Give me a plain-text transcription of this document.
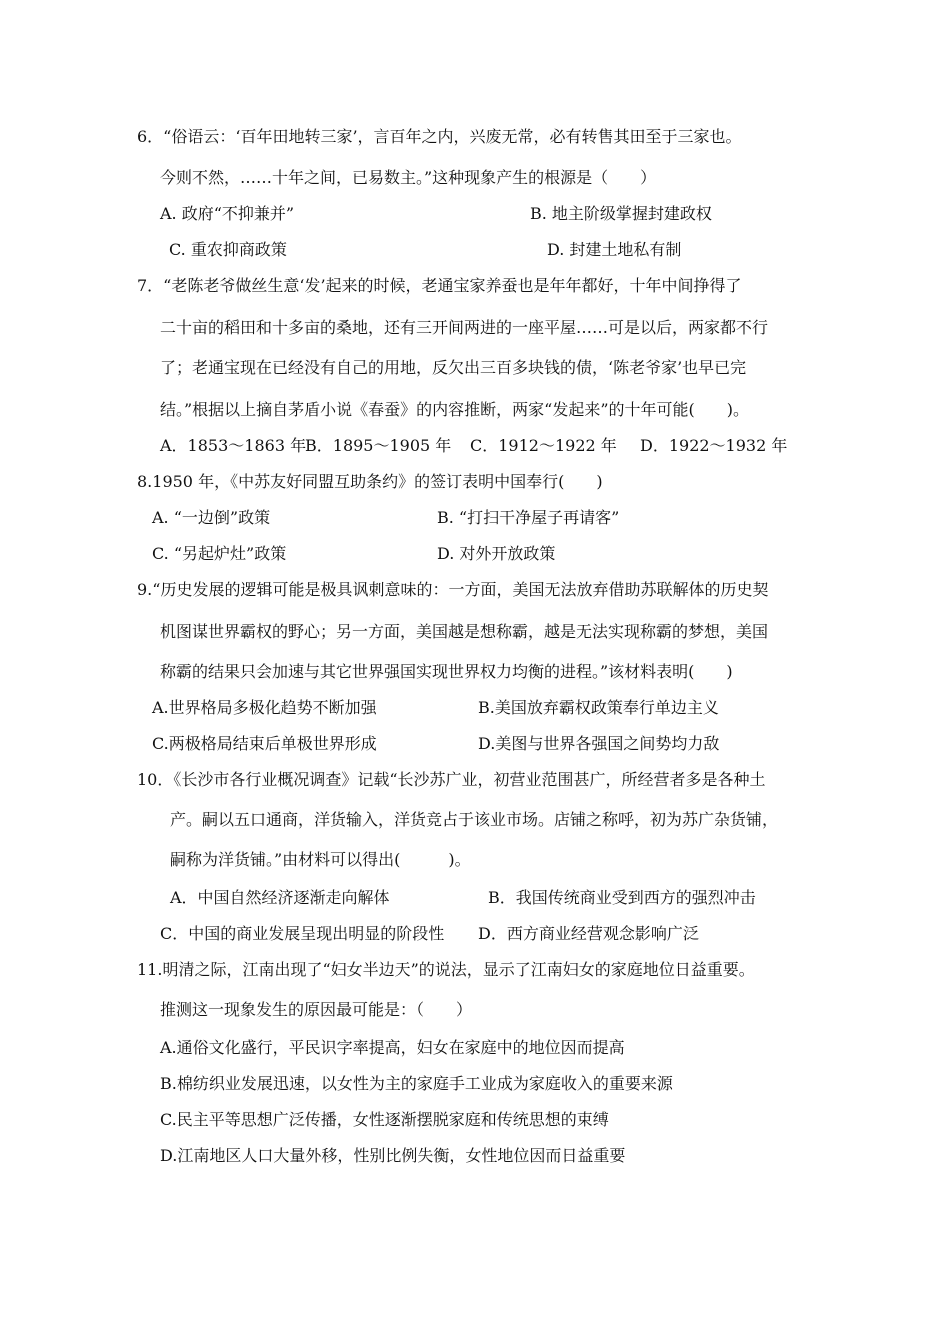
6．“俗语云：‘百年田地转三家’，言百年之内，兴废无常，必有转售其田至于三家也。
今则不然，……十年之间，已易数主。”这种现象产生的根源是（　　）
A. 政府“不抑兼并”	B. 地主阶级掌握封建政权
C. 重农抑商政策	D. 封建土地私有制
7．“老陈老爷做丝生意‘发’起来的时候，老通宝家养蚕也是年年都好，十年中间挣得了
二十亩的稻田和十多亩的桑地，还有三开间两进的一座平屋……可是以后，两家都不行
了；老通宝现在已经没有自己的用地，反欠出三百多块钱的债，‘陈老爷家’也早已完
结。”根据以上摘自茅盾小说《春蚕》的内容推断，两家“发起来”的十年可能(　　)。
A．1853～1863 年
B．1895～1905 年 C．1912～1922 年 D．1922～1932 年
8.1950 年，《中苏友好同盟互助条约》的签订表明中国奉行(　　)
A. “一边倒”政策	B. “打扫干净屋子再请客”
C. “另起炉灶”政策	D. 对外开放政策
9.“历史发展的逻辑可能是极具讽刺意味的：一方面，美国无法放弃借助苏联解体的历史契
机图谋世界霸权的野心；另一方面，美国越是想称霸，越是无法实现称霸的梦想，美国
称霸的结果只会加速与其它世界强国实现世界权力均衡的进程。”该材料表明(　　)
A.世界格局多极化趋势不断加强	B.美国放弃霸权政策奉行单边主义
C.两极格局结束后单极世界形成	D.美图与世界各强国之间势均力敌
10．《长沙市各行业概况调查》记载“长沙苏广业，初营业范围甚广，所经营者多是各种土
产。嗣以五口通商，洋货输入，洋货竞占于该业市场。店铺之称呼，初为苏广杂货铺，
嗣称为洋货铺。”由材料可以得出(　　　)。
A．中国自然经济逐渐走向解体	B．我国传统商业受到西方的强烈冲击
C．中国的商业发展呈现出明显的阶段性 D．西方商业经营观念影响广泛
11.明清之际，江南出现了“妇女半边天”的说法，显示了江南妇女的家庭地位日益重要。
推测这一现象发生的原因最可能是：（　　）
A.通俗文化盛行，平民识字率提高，妇女在家庭中的地位因而提高
B.棉纺织业发展迅速，以女性为主的家庭手工业成为家庭收入的重要来源
C.民主平等思想广泛传播，女性逐渐摆脱家庭和传统思想的束缚
D.江南地区人口大量外移，性别比例失衡，女性地位因而日益重要
